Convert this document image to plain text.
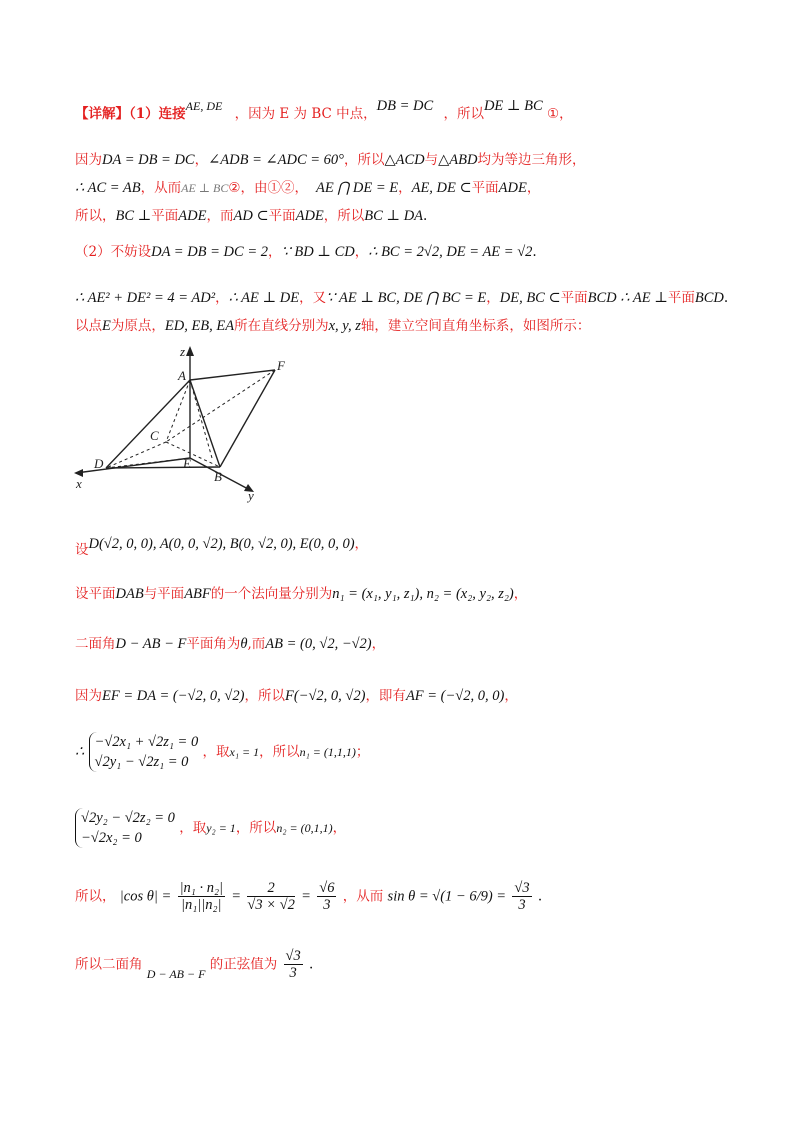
【详解】（1）连接$^{AE, DE}$ ，因为 E 为 BC 中点，$^{DB = DC}$ ，所以$^{DE \perp BC}$ ①，
因为DA = DB = DC，∠ADB = ∠ADC = 60°，所以△ACD与△ABD均为等边三角形，
∴ AC = AB，从而AE ⊥ BC②，由①②， AE ⋂ DE = E，AE, DE ⊂平面ADE，
所以，BC ⊥平面ADE，而AD ⊂平面ADE，所以BC ⊥ DA.
（2）不妨设DA = DB = DC = 2，∵ BD ⊥ CD，∴ BC = 2√2, DE = AE = √2.
∴ AE² + DE² = 4 = AD²，∴ AE ⊥ DE，又∵ AE ⊥ BC, DE ⋂ BC = E，DE, BC ⊂平面BCD ∴ AE ⊥平面BCD.
以点E为原点，ED, EB, EA所在直线分别为x, y, z轴，建立空间直角坐标系，如图所示：
z
A
F
C
D	E
B
x
y
设D(√2, 0, 0), A(0, 0, √2), B(0, √2, 0), E(0, 0, 0)，
设平面DAB与平面ABF的一个法向量分别为n₁ = (x₁, y₁, z₁), n₂ = (x₂, y₂, z₂)，
二面角D − AB − F平面角为θ,而AB = (0, √2, −√2)，
因为EF = DA = (−√2, 0, √2)，所以F(−√2, 0, √2)，即有AF = (−√2, 0, 0)，
∴
−√2x₁ + √2z₁ = 0
√2y₁ − √2z₁ = 0
，取x₁ = 1，所以n₁ = (1,1,1)；
√2y₂ − √2z₂ = 0
−√2x₂ = 0
，取y₂ = 1，所以n₂ = (0,1,1)，
所以， |cos $\theta| = \frac{\text{|n₁ · n₂|}}{\text{|n₁||n₂|}} = \frac{2}{√3 \times √2} = \frac{√6}{3}$ ，从而 $\sin \theta = √(1 - 6/9) = \frac{√3}{3}$ .
所以二面角 D − AB − F 的正弦值为 $\frac{√3}{3}$ .
